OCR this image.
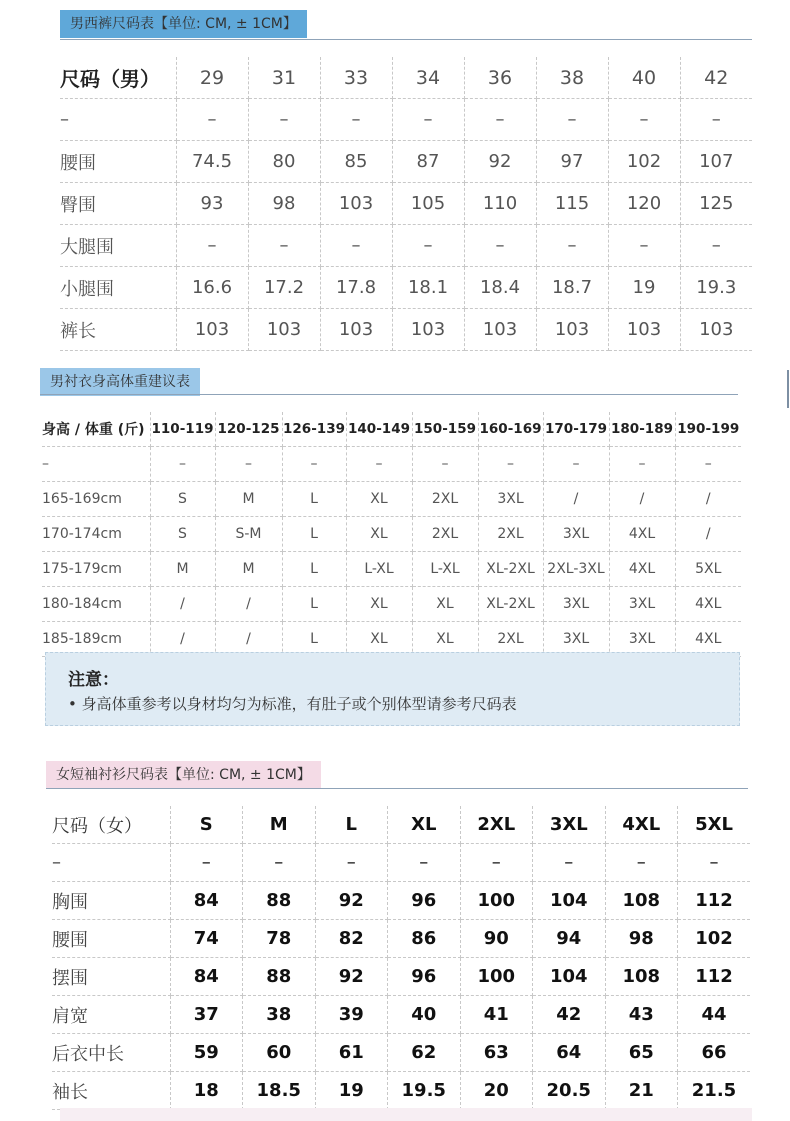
男西裤尺码表【单位: CM, ± 1CM】
尺码（男）	29	31	33	34	36	38	40	42
–	–	–	–	–	–	–	–	–
腰围	74.5	80	85	87	92	97	102	107
臀围	93	98	103	105	110	115	120	125
大腿围	–	–	–	–	–	–	–	–
小腿围	16.6	17.2	17.8	18.1	18.4	18.7	19	19.3
裤长	103	103	103	103	103	103	103	103
男衬衣身高体重建议表
身高 / 体重 (斤)	110-119	120-125	126-139	140-149	150-159	160-169	170-179	180-189	190-199
–	–	–	–	–	–	–	–	–	–
165-169cm	S	M	L	XL	2XL	3XL	/	/	/
170-174cm	S	S-M	L	XL	2XL	2XL	3XL	4XL	/
175-179cm	M	M	L	L-XL	L-XL	XL-2XL	2XL-3XL	4XL	5XL
180-184cm	/	/	L	XL	XL	XL-2XL	3XL	3XL	4XL
185-189cm	/	/	L	XL	XL	2XL	3XL	3XL	4XL
注意：
• 身高体重参考以身材均匀为标准，有肚子或个别体型请参考尺码表
女短袖衬衫尺码表【单位: CM, ± 1CM】
尺码（女）	S	M	L	XL	2XL	3XL	4XL	5XL
–	–	–	–	–	–	–	–	–
胸围	84	88	92	96	100	104	108	112
腰围	74	78	82	86	90	94	98	102
摆围	84	88	92	96	100	104	108	112
肩宽	37	38	39	40	41	42	43	44
后衣中长	59	60	61	62	63	64	65	66
袖长	18	18.5	19	19.5	20	20.5	21	21.5
